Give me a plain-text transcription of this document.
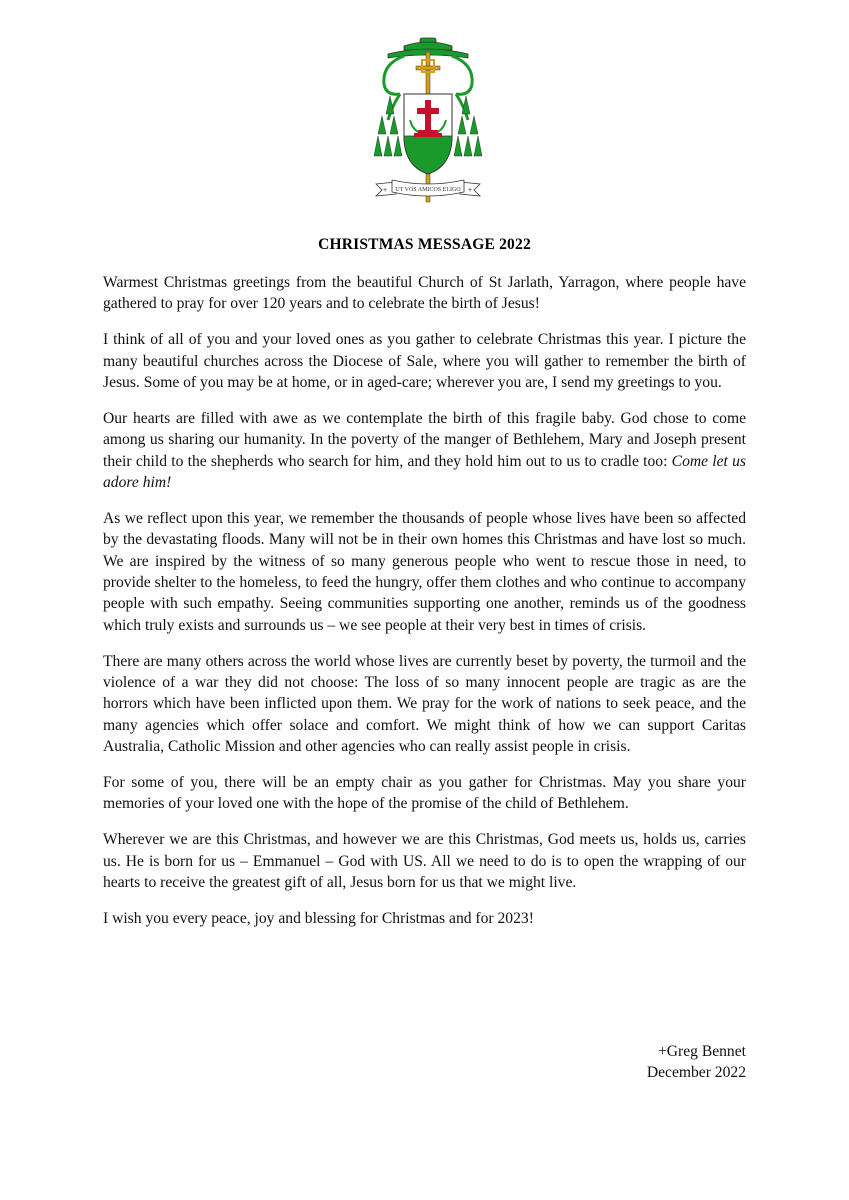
UT VOS AMICOS ELIGO
+	+
CHRISTMAS MESSAGE 2022

Warmest Christmas greetings from the beautiful Church of St Jarlath, Yarragon, where people have gathered to pray for over 120 years and to celebrate the birth of Jesus!

I think of all of you and your loved ones as you gather to celebrate Christmas this year. I picture the many beautiful churches across the Diocese of Sale, where you will gather to remember the birth of Jesus. Some of you may be at home, or in aged-care; wherever you are, I send my greetings to you.

Our hearts are filled with awe as we contemplate the birth of this fragile baby. God chose to come among us sharing our humanity. In the poverty of the manger of Bethlehem, Mary and Joseph present their child to the shepherds who search for him, and they hold him out to us to cradle too: Come let us adore him!

As we reflect upon this year, we remember the thousands of people whose lives have been so affected by the devastating floods. Many will not be in their own homes this Christmas and have lost so much. We are inspired by the witness of so many generous people who went to rescue those in need, to provide shelter to the homeless, to feed the hungry, offer them clothes and who continue to accompany people with such empathy. Seeing communities supporting one another, reminds us of the goodness which truly exists and surrounds us – we see people at their very best in times of crisis.

There are many others across the world whose lives are currently beset by poverty, the turmoil and the violence of a war they did not choose: The loss of so many innocent people are tragic as are the horrors which have been inflicted upon them. We pray for the work of nations to seek peace, and the many agencies which offer solace and comfort. We might think of how we can support Caritas Australia, Catholic Mission and other agencies who can really assist people in crisis.

For some of you, there will be an empty chair as you gather for Christmas. May you share your memories of your loved one with the hope of the promise of the child of Bethlehem.

Wherever we are this Christmas, and however we are this Christmas, God meets us, holds us, carries us. He is born for us – Emmanuel – God with US. All we need to do is to open the wrapping of our hearts to receive the greatest gift of all, Jesus born for us that we might live.

I wish you every peace, joy and blessing for Christmas and for 2023!

+Greg Bennet
December 2022
